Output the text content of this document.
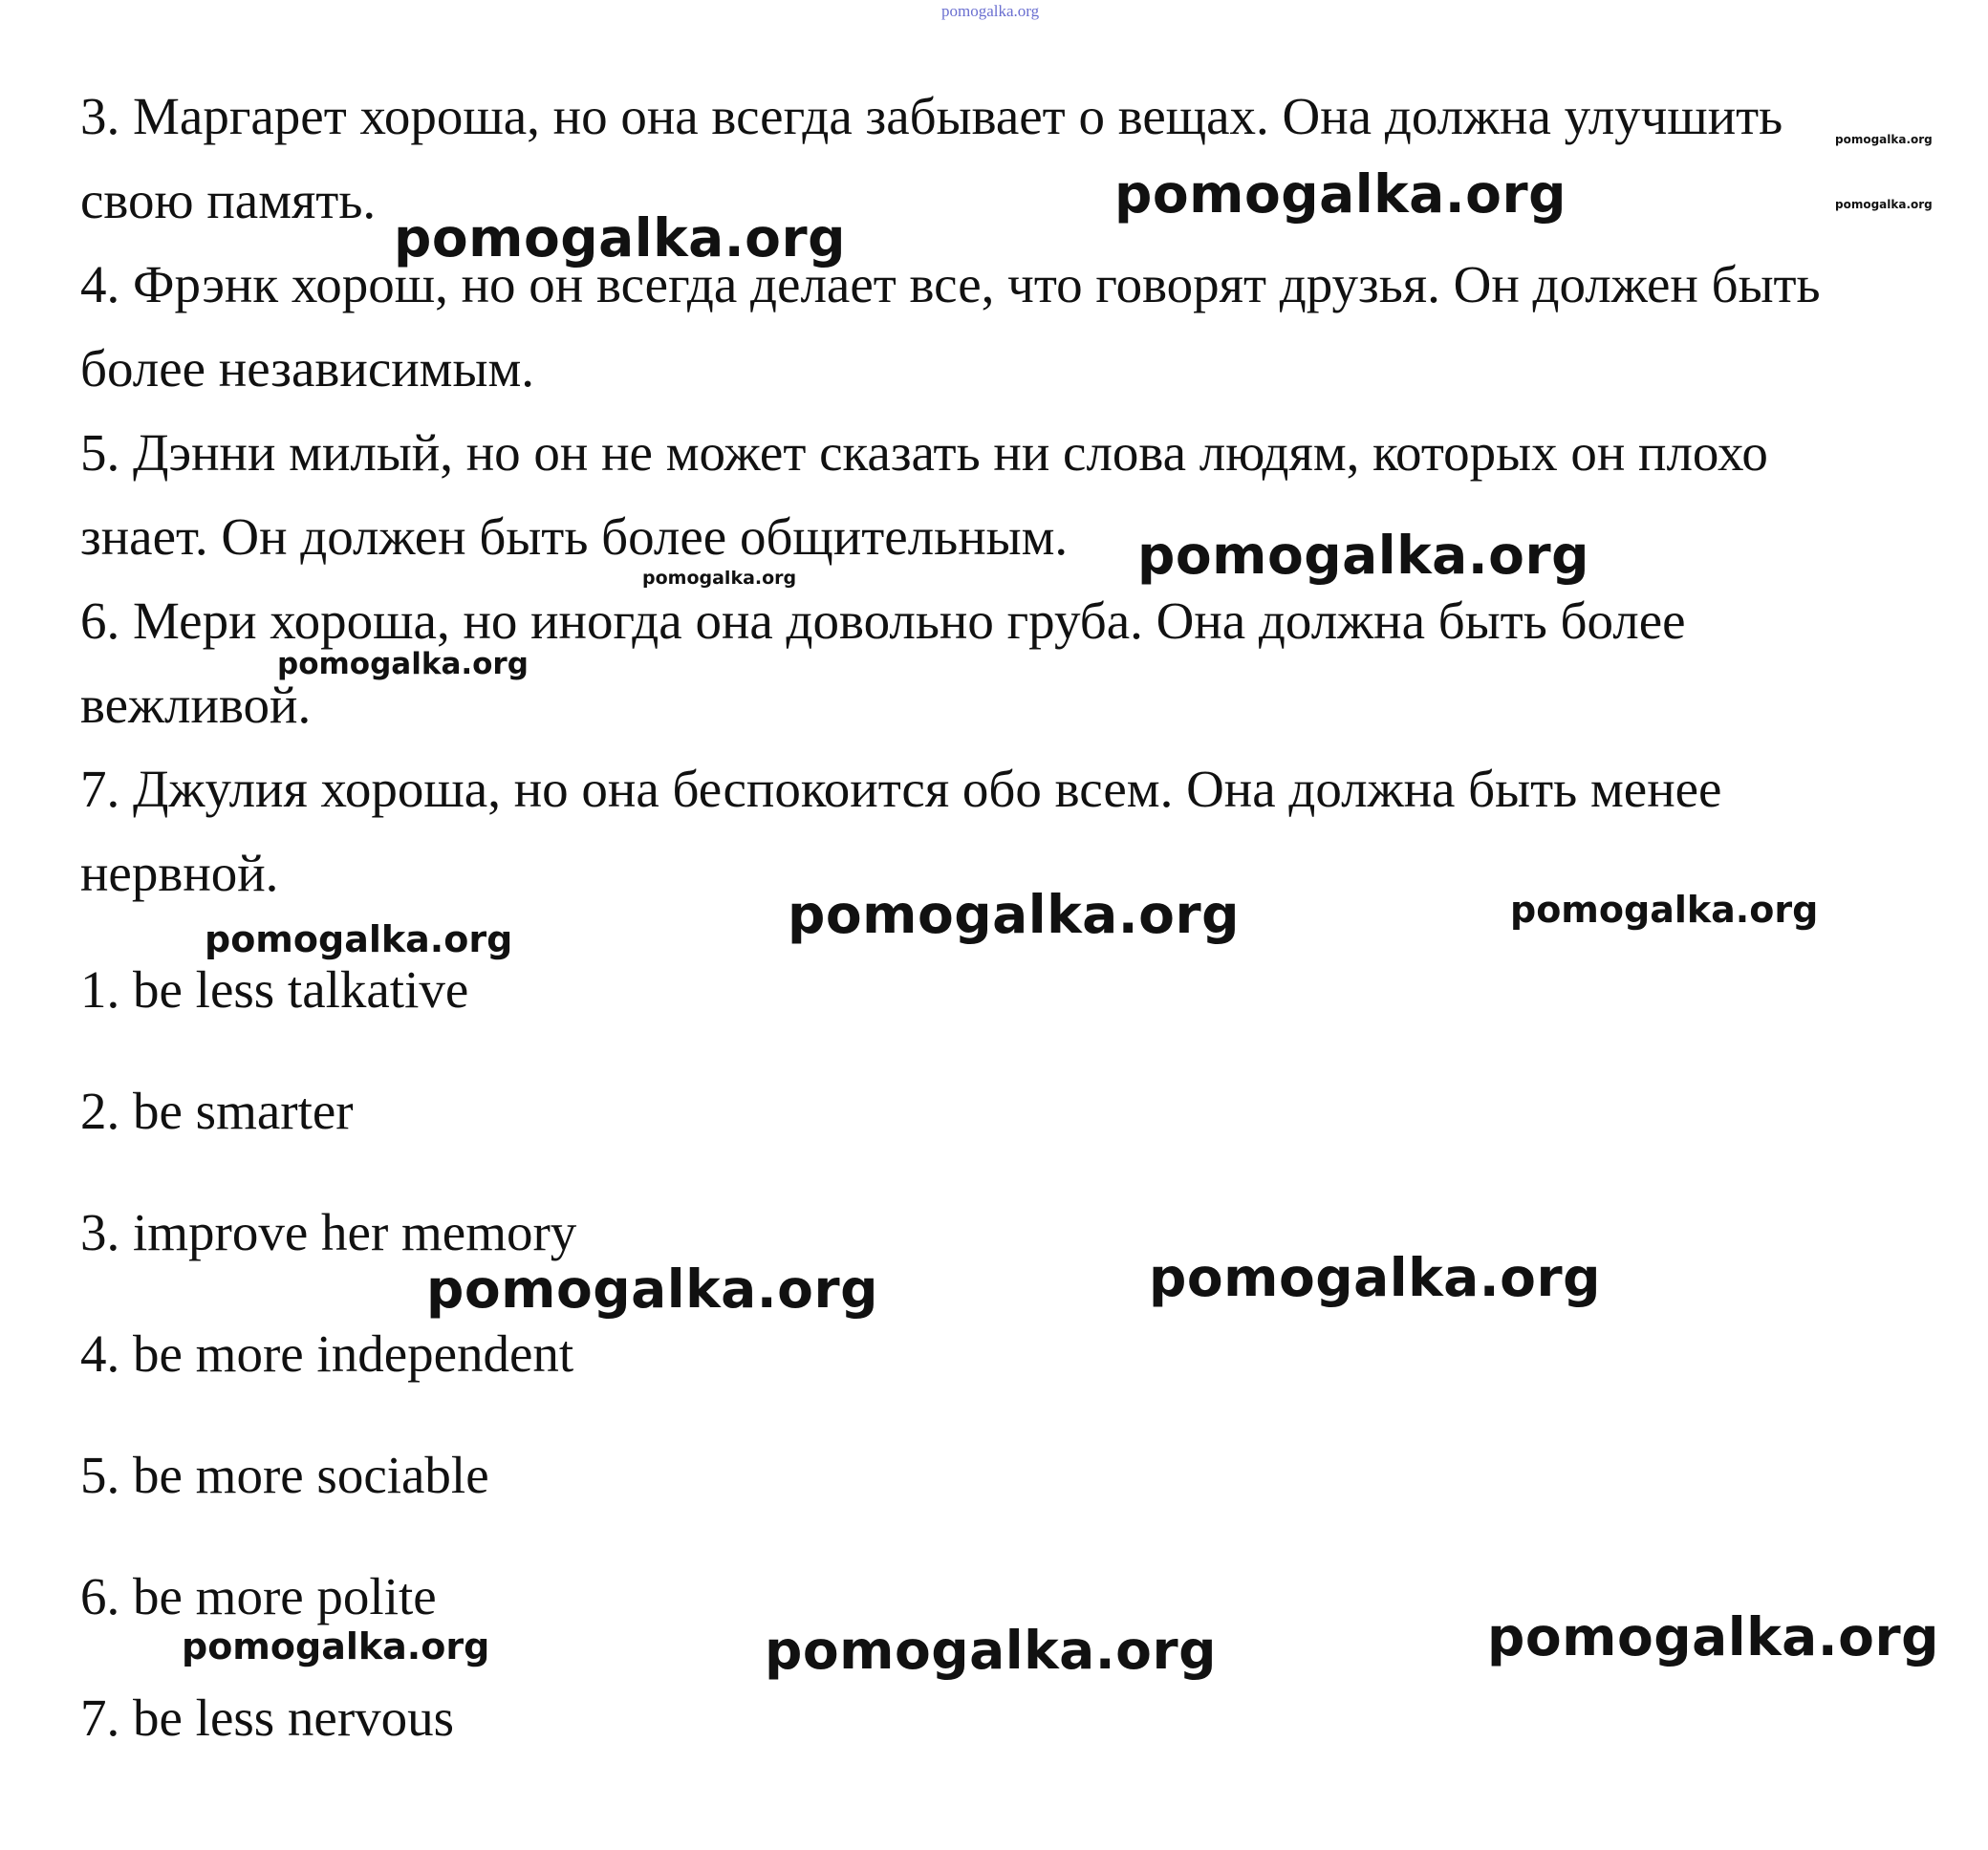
pomogalka.org
3. Маргарет хороша, но она всегда забывает о вещах. Она должна улучшить
свою память.
4. Фрэнк хорош, но он всегда делает все, что говорят друзья. Он должен быть
более независимым.
5. Дэнни милый, но он не может сказать ни слова людям, которых он плохо
знает. Он должен быть более общительным.
6. Мери хороша, но иногда она довольно груба. Она должна быть более
вежливой.
7. Джулия хороша, но она беспокоится обо всем. Она должна быть менее
нервной.
1. be less talkative
2. be smarter
3. improve her memory
4. be more independent
5. be more sociable
6. be more polite
7. be less nervous
pomogalka.org
pomogalka.org	pomogalka.org
pomogalka.org
pomogalka.org
pomogalka.org
pomogalka.org
pomogalka.org	pomogalka.org
pomogalka.org
pomogalka.org
pomogalka.org
pomogalka.org
pomogalka.org	pomogalka.org
